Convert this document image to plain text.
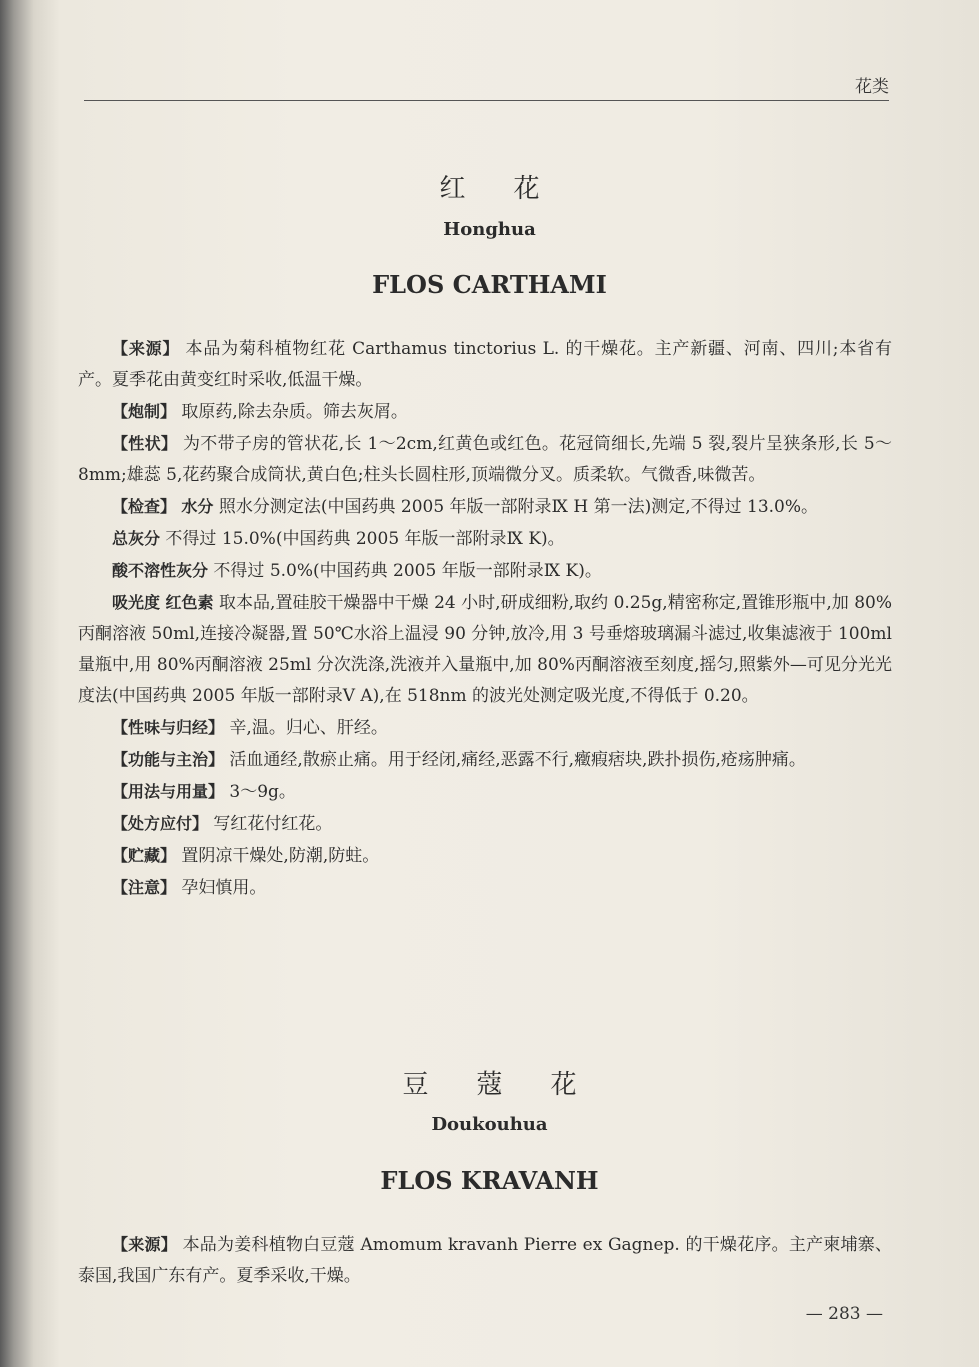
花类
红花
Honghua
FLOS CARTHAMI

【来源】 本品为菊科植物红花 Carthamus tinctorius L. 的干燥花。主产新疆、河南、四川;本省有产。夏季花由黄变红时采收,低温干燥。

【炮制】 取原药,除去杂质。筛去灰屑。

【性状】 为不带子房的管状花,长 1～2cm,红黄色或红色。花冠筒细长,先端 5 裂,裂片呈狭条形,长 5～8mm;雄蕊 5,花药聚合成筒状,黄白色;柱头长圆柱形,顶端微分叉。质柔软。气微香,味微苦。

【检查】 水分 照水分测定法(中国药典 2005 年版一部附录Ⅸ H 第一法)测定,不得过 13.0%。

总灰分 不得过 15.0%(中国药典 2005 年版一部附录Ⅸ K)。

酸不溶性灰分 不得过 5.0%(中国药典 2005 年版一部附录Ⅸ K)。

吸光度 红色素 取本品,置硅胶干燥器中干燥 24 小时,研成细粉,取约 0.25g,精密称定,置锥形瓶中,加 80%丙酮溶液 50ml,连接冷凝器,置 50℃水浴上温浸 90 分钟,放冷,用 3 号垂熔玻璃漏斗滤过,收集滤液于 100ml 量瓶中,用 80%丙酮溶液 25ml 分次洗涤,洗液并入量瓶中,加 80%丙酮溶液至刻度,摇匀,照紫外—可见分光光度法(中国药典 2005 年版一部附录Ⅴ A),在 518nm 的波光处测定吸光度,不得低于 0.20。

【性味与归经】 辛,温。归心、肝经。

【功能与主治】 活血通经,散瘀止痛。用于经闭,痛经,恶露不行,癥瘕痞块,跌扑损伤,疮疡肿痛。

【用法与用量】 3～9g。

【处方应付】 写红花付红花。

【贮藏】 置阴凉干燥处,防潮,防蛀。

【注意】 孕妇慎用。

豆蔻花
Doukouhua
FLOS KRAVANH

【来源】 本品为姜科植物白豆蔻 Amomum kravanh Pierre ex Gagnep. 的干燥花序。主产柬埔寨、泰国,我国广东有产。夏季采收,干燥。

— 283 —
